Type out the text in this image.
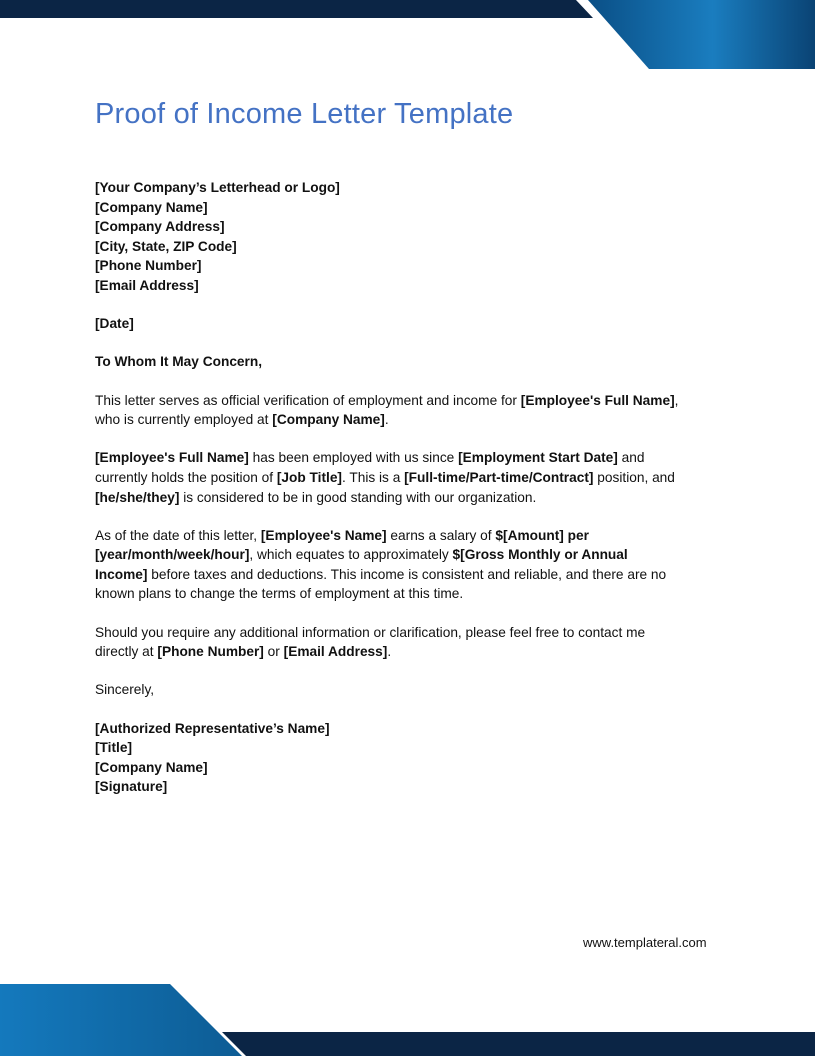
Proof of Income Letter Template
[Your Company’s Letterhead or Logo]
[Company Name]
[Company Address]
[City, State, ZIP Code]
[Phone Number]
[Email Address]
[Date]
To Whom It May Concern,
This letter serves as official verification of employment and income for [Employee's Full Name],
who is currently employed at [Company Name].
[Employee's Full Name] has been employed with us since [Employment Start Date] and
currently holds the position of [Job Title]. This is a [Full-time/Part-time/Contract] position, and
[he/she/they] is considered to be in good standing with our organization.
As of the date of this letter, [Employee's Name] earns a salary of $[Amount] per
[year/month/week/hour], which equates to approximately $[Gross Monthly or Annual
Income] before taxes and deductions. This income is consistent and reliable, and there are no
known plans to change the terms of employment at this time.
Should you require any additional information or clarification, please feel free to contact me
directly at [Phone Number] or [Email Address].
Sincerely,
[Authorized Representative’s Name]
[Title]
[Company Name]
[Signature]
www.templateral.com
